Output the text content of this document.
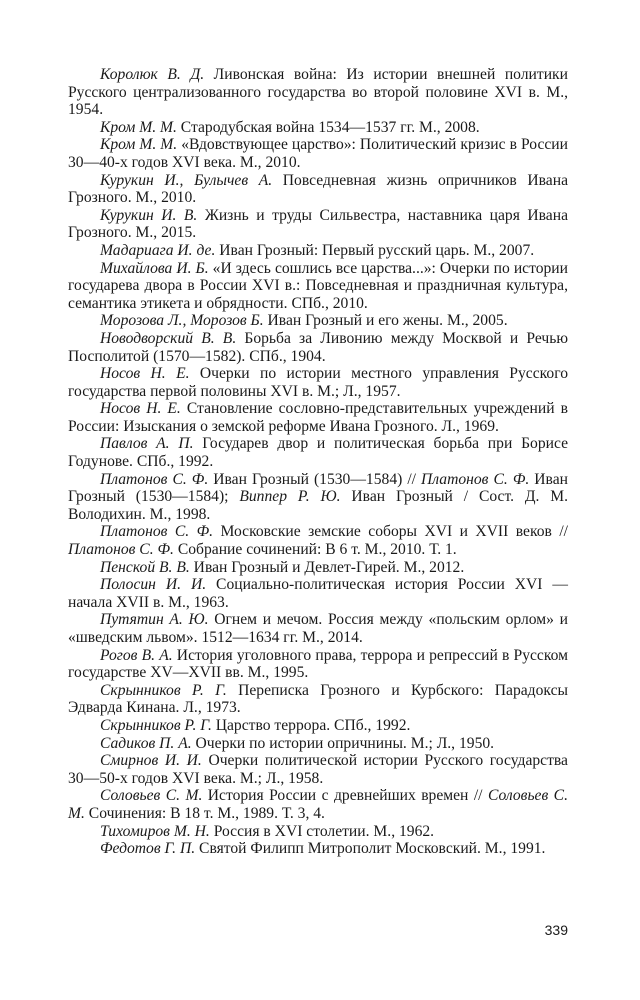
Королюк В. Д. Ливонская война: Из истории внешней политики Русского централизованного государства во второй половине XVI в. М., 1954.

Кром М. М. Стародубская война 1534—1537 гг. М., 2008.

Кром М. М. «Вдовствующее царство»: Политический кризис в России 30—40-х годов XVI века. М., 2010.

Курукин И., Булычев А. Повседневная жизнь опричников Ивана Грозного. М., 2010.

Курукин И. В. Жизнь и труды Сильвестра, наставника царя Ивана Грозного. М., 2015.

Мадариага И. де. Иван Грозный: Первый русский царь. М., 2007.

Михайлова И. Б. «И здесь сошлись все царства...»: Очерки по истории государева двора в России XVI в.: Повседневная и праздничная культура, семантика этикета и обрядности. СПб., 2010.

Морозова Л., Морозов Б. Иван Грозный и его жены. М., 2005.

Новодворский В. В. Борьба за Ливонию между Москвой и Речью Посполитой (1570—1582). СПб., 1904.

Носов Н. Е. Очерки по истории местного управления Русского государства первой половины XVI в. М.; Л., 1957.

Носов Н. Е. Становление сословно-представительных учреждений в России: Изыскания о земской реформе Ивана Грозного. Л., 1969.

Павлов А. П. Государев двор и политическая борьба при Борисе Годунове. СПб., 1992.

Платонов С. Ф. Иван Грозный (1530—1584) // Платонов С. Ф. Иван Грозный (1530—1584); Виппер Р. Ю. Иван Грозный / Сост. Д. М. Володихин. М., 1998.

Платонов С. Ф. Московские земские соборы XVI и XVII веков // Платонов С. Ф. Собрание сочинений: В 6 т. М., 2010. Т. 1.

Пенской В. В. Иван Грозный и Девлет-Гирей. М., 2012.

Полосин И. И. Социально-политическая история России XVI — начала XVII в. М., 1963.

Путятин А. Ю. Огнем и мечом. Россия между «польским орлом» и «шведским львом». 1512—1634 гг. М., 2014.

Рогов В. А. История уголовного права, террора и репрессий в Русском государстве XV—XVII вв. М., 1995.

Скрынников Р. Г. Переписка Грозного и Курбского: Парадоксы Эдварда Кинана. Л., 1973.

Скрынников Р. Г. Царство террора. СПб., 1992.

Садиков П. А. Очерки по истории опричнины. М.; Л., 1950.

Смирнов И. И. Очерки политической истории Русского государства 30—50-х годов XVI века. М.; Л., 1958.

Соловьев С. М. История России с древнейших времен // Соловьев С. М. Сочинения: В 18 т. М., 1989. Т. 3, 4.

Тихомиров М. Н. Россия в XVI столетии. М., 1962.

Федотов Г. П. Святой Филипп Митрополит Московский. М., 1991.

339
